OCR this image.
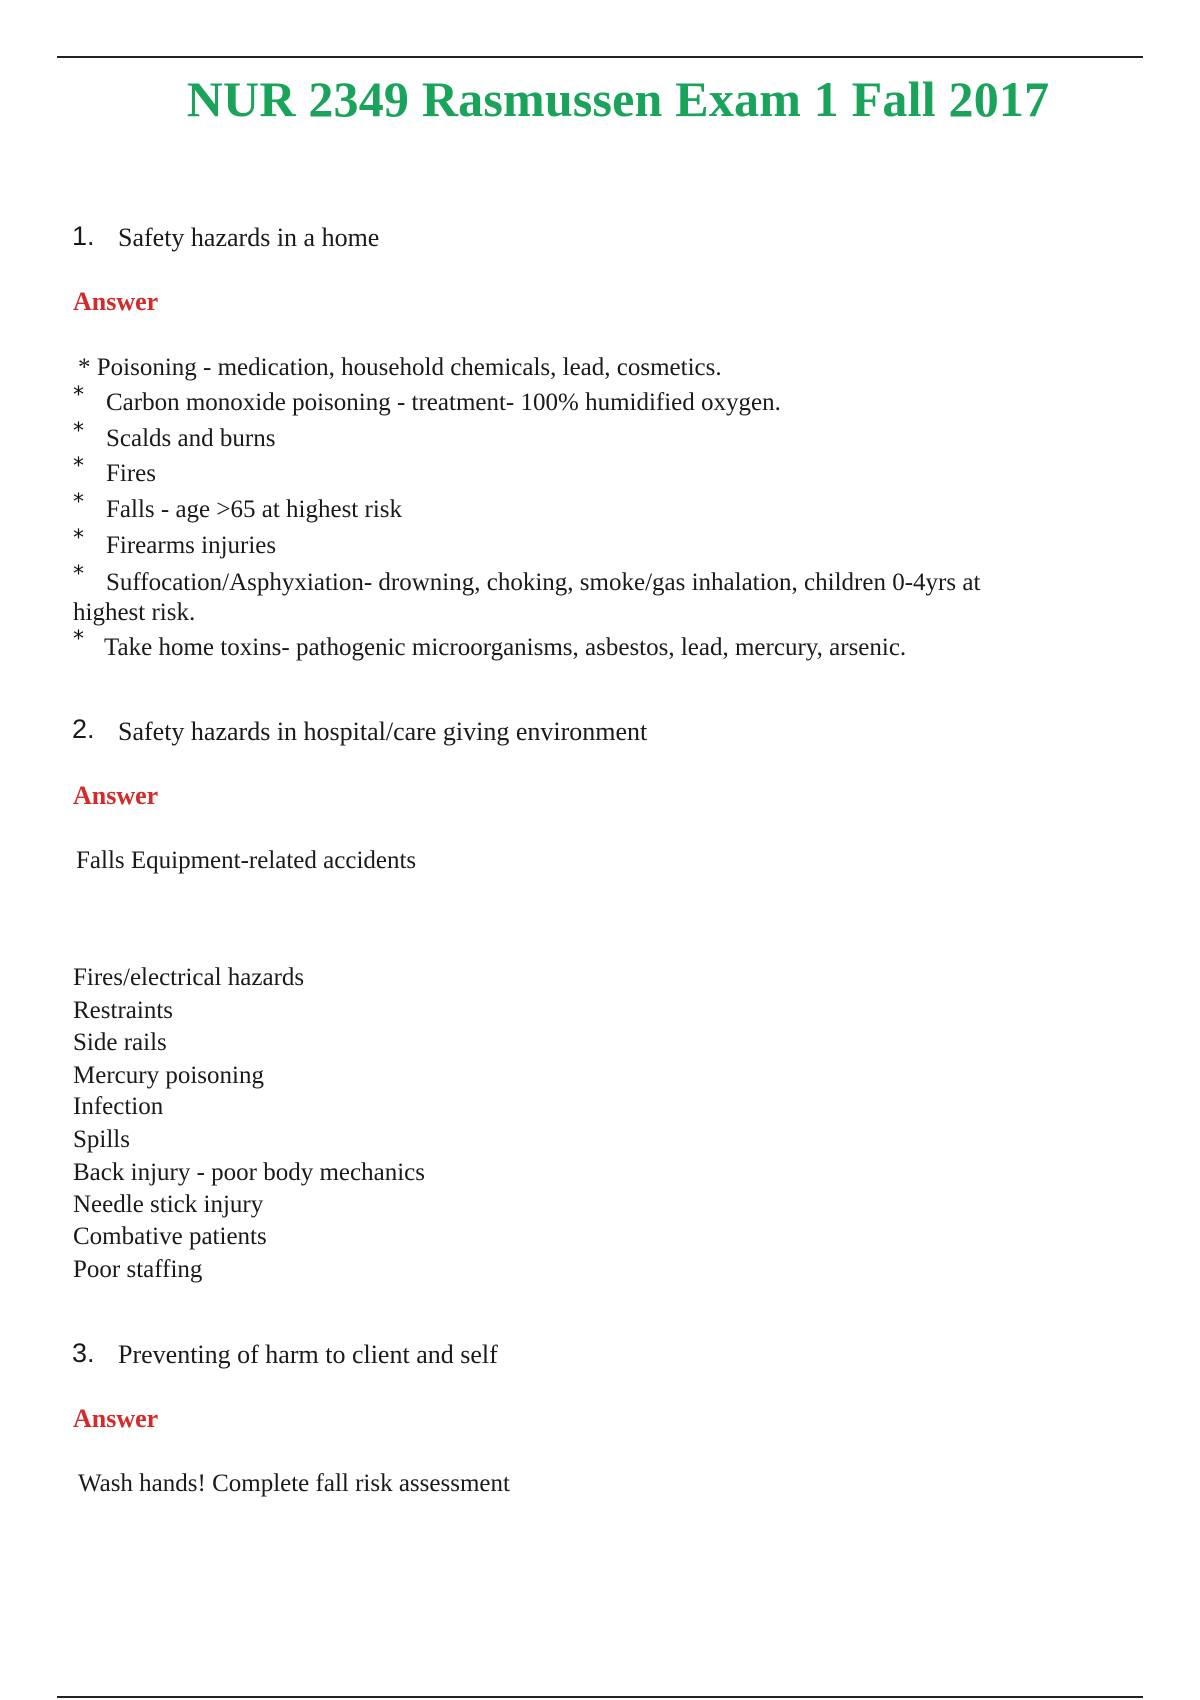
NUR 2349 Rasmussen Exam 1 Fall 2017
1. Safety hazards in a home
Answer
* Poisoning - medication, household chemicals, lead, cosmetics.
* Carbon monoxide poisoning - treatment- 100% humidified oxygen.
* Scalds and burns
* Fires
* Falls - age >65 at highest risk
* Firearms injuries
* Suffocation/Asphyxiation- drowning, choking, smoke/gas inhalation, children 0-4yrs at
highest risk.
* Take home toxins- pathogenic microorganisms, asbestos, lead, mercury, arsenic.
2. Safety hazards in hospital/care giving environment
Answer
Falls Equipment-related accidents
Fires/electrical hazards
Restraints
Side rails
Mercury poisoning
Infection
Spills
Back injury - poor body mechanics
Needle stick injury
Combative patients
Poor staffing
3. Preventing of harm to client and self
Answer
Wash hands! Complete fall risk assessment
